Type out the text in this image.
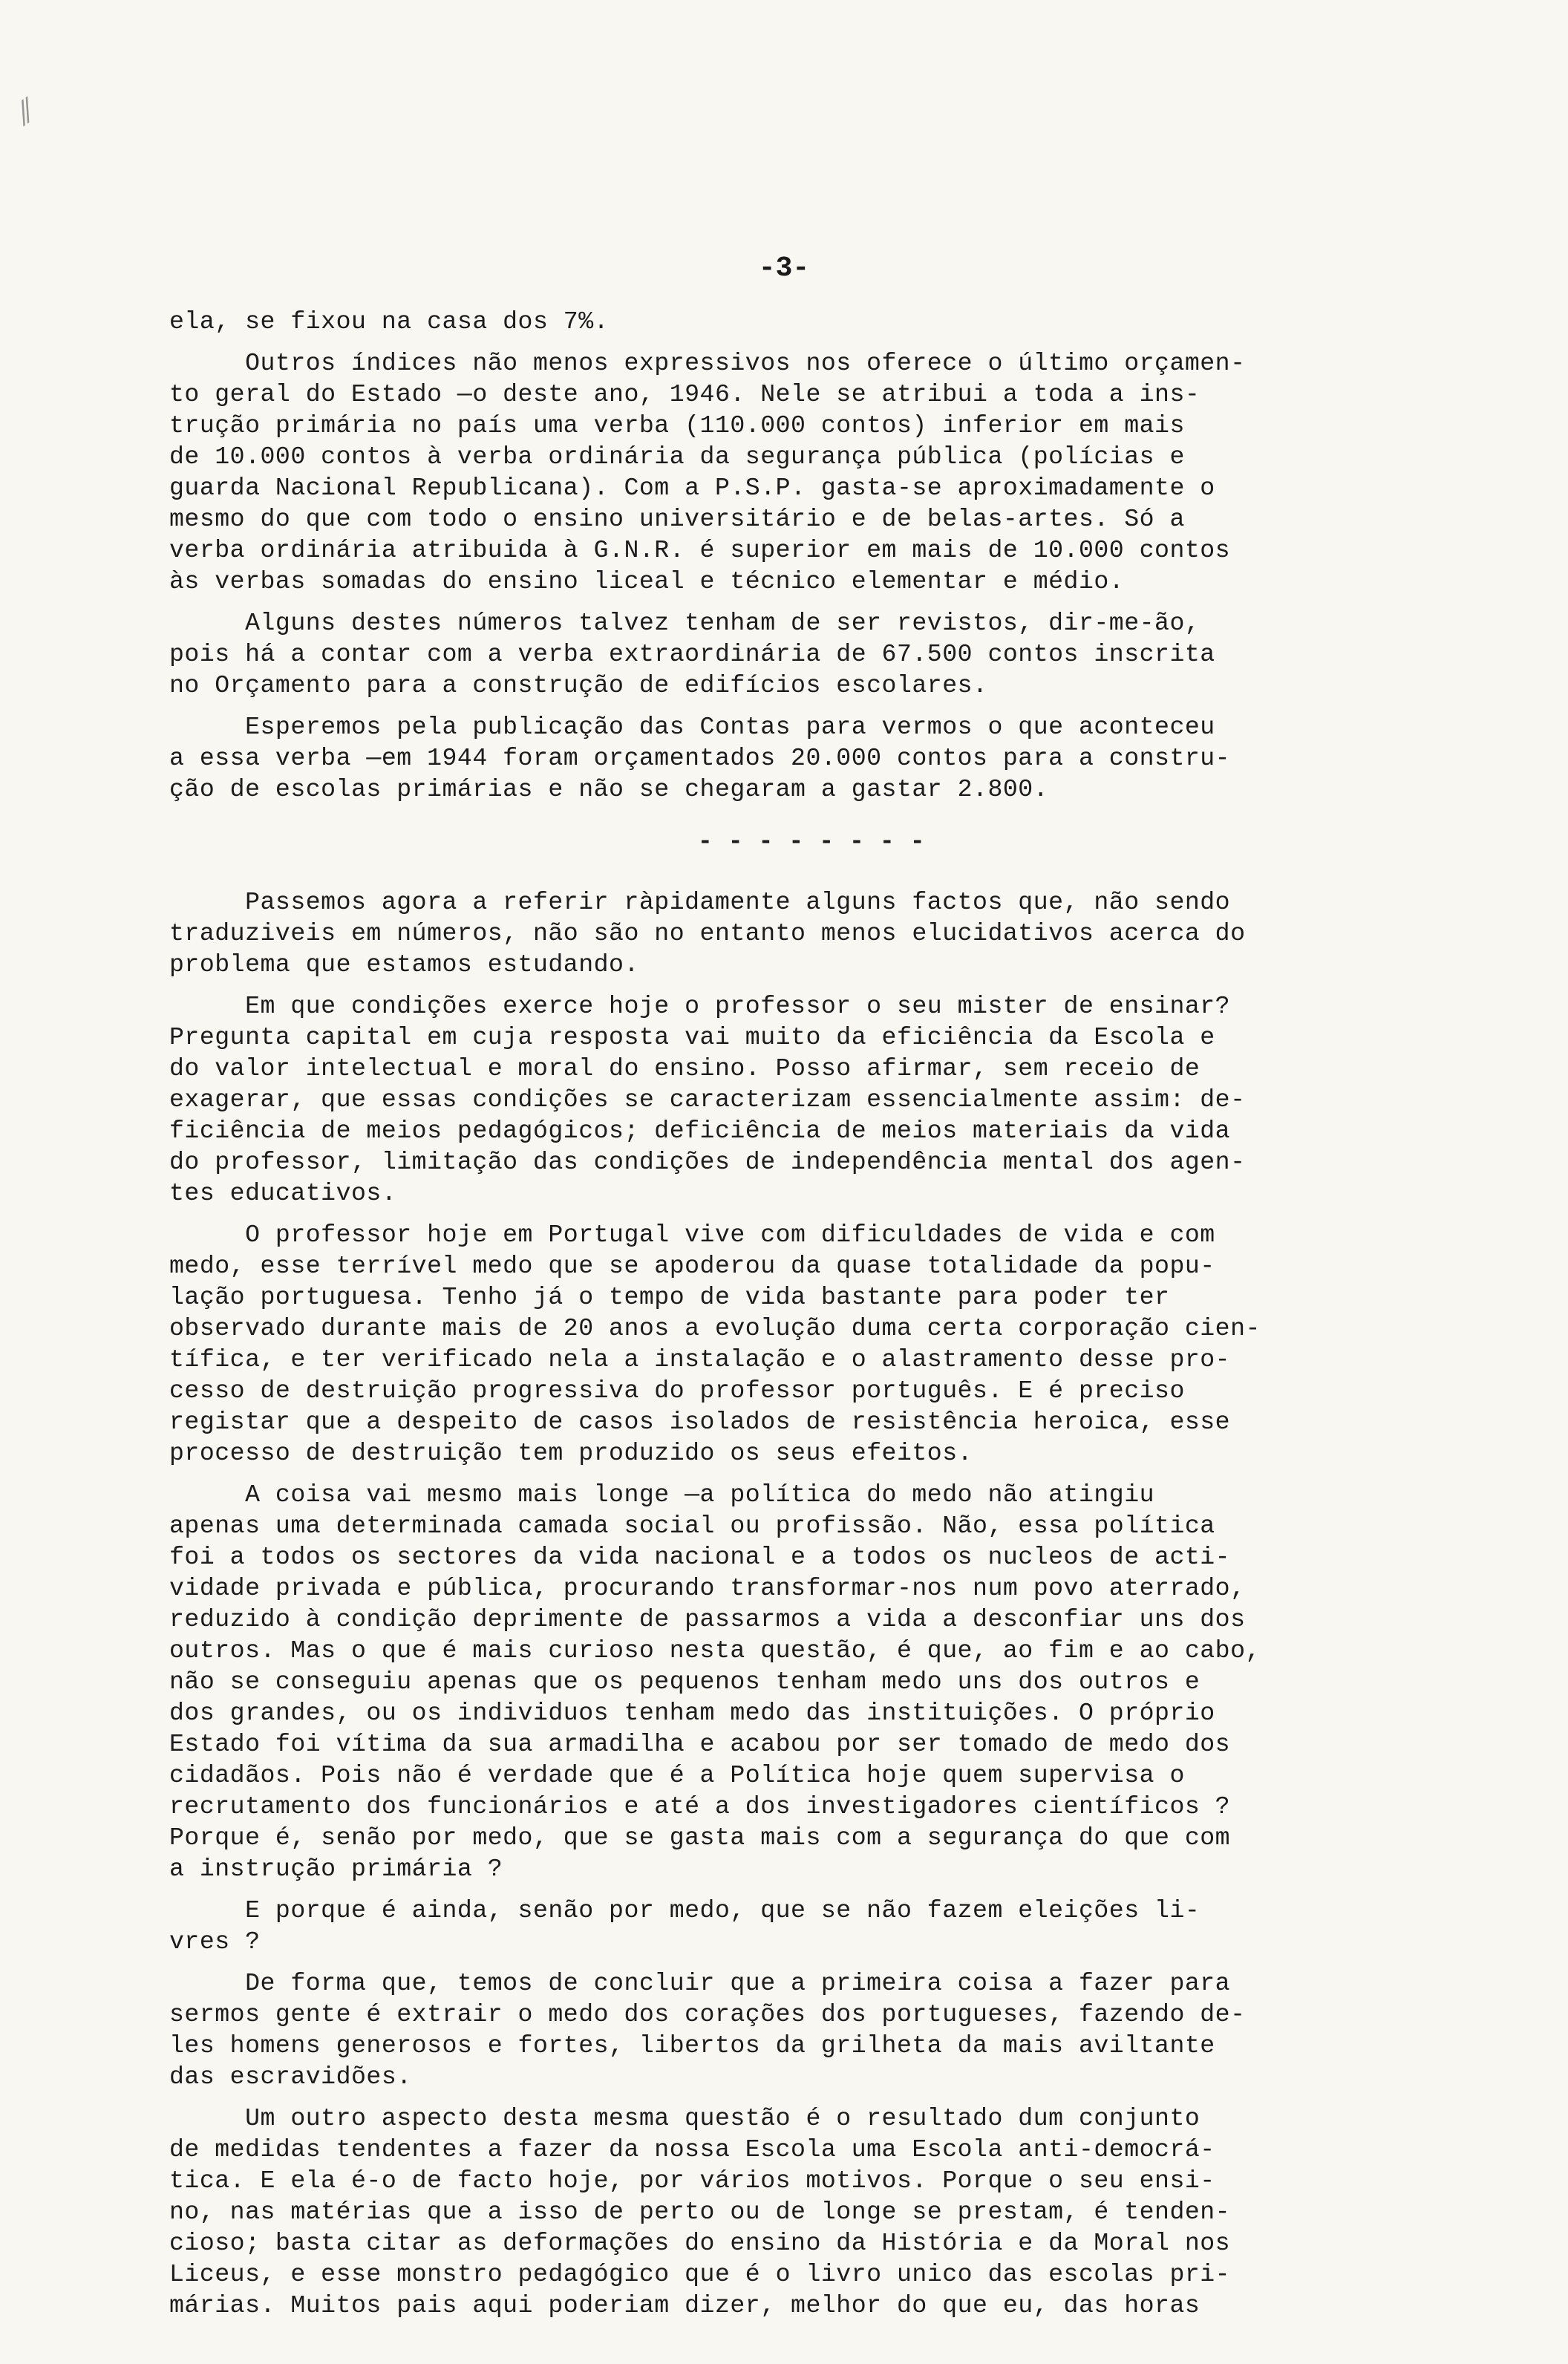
⁄⁄
-3-
ela, se fixou na casa dos 7%.
Outros índices não menos expressivos nos oferece o último orçamen-
to geral do Estado —o deste ano, 1946. Nele se atribui a toda a ins-
trução primária no país uma verba (110.000 contos) inferior em mais
de 10.000 contos à verba ordinária da segurança pública (polícias e
guarda Nacional Republicana). Com a P.S.P. gasta-se aproximadamente o
mesmo do que com todo o ensino universitário e de belas-artes. Só a
verba ordinária atribuida à G.N.R. é superior em mais de 10.000 contos
às verbas somadas do ensino liceal e técnico elementar e médio.
Alguns destes números talvez tenham de ser revistos, dir-me-ão,
pois há a contar com a verba extraordinária de 67.500 contos inscrita
no Orçamento para a construção de edifícios escolares.
Esperemos pela publicação das Contas para vermos o que aconteceu
a essa verba —em 1944 foram orçamentados 20.000 contos para a constru-
ção de escolas primárias e não se chegaram a gastar 2.800.
- - - - - - - -
Passemos agora a referir ràpidamente alguns factos que, não sendo
traduziveis em números, não são no entanto menos elucidativos acerca do
problema que estamos estudando.
Em que condições exerce hoje o professor o seu mister de ensinar?
Pregunta capital em cuja resposta vai muito da eficiência da Escola e
do valor intelectual e moral do ensino. Posso afirmar, sem receio de
exagerar, que essas condições se caracterizam essencialmente assim: de-
ficiência de meios pedagógicos; deficiência de meios materiais da vida
do professor, limitação das condições de independência mental dos agen-
tes educativos.
O professor hoje em Portugal vive com dificuldades de vida e com
medo, esse terrível medo que se apoderou da quase totalidade da popu-
lação portuguesa. Tenho já o tempo de vida bastante para poder ter
observado durante mais de 20 anos a evolução duma certa corporação cien-
tífica, e ter verificado nela a instalação e o alastramento desse pro-
cesso de destruição progressiva do professor português. E é preciso
registar que a despeito de casos isolados de resistência heroica, esse
processo de destruição tem produzido os seus efeitos.
A coisa vai mesmo mais longe —a política do medo não atingiu
apenas uma determinada camada social ou profissão. Não, essa política
foi a todos os sectores da vida nacional e a todos os nucleos de acti-
vidade privada e pública, procurando transformar-nos num povo aterrado,
reduzido à condição deprimente de passarmos a vida a desconfiar uns dos
outros. Mas o que é mais curioso nesta questão, é que, ao fim e ao cabo,
não se conseguiu apenas que os pequenos tenham medo uns dos outros e
dos grandes, ou os individuos tenham medo das instituições. O próprio
Estado foi vítima da sua armadilha e acabou por ser tomado de medo dos
cidadãos. Pois não é verdade que é a Política hoje quem supervisa o
recrutamento dos funcionários e até a dos investigadores científicos ?
Porque é, senão por medo, que se gasta mais com a segurança do que com
a instrução primária ?
E porque é ainda, senão por medo, que se não fazem eleições li-
vres ?
De forma que, temos de concluir que a primeira coisa a fazer para
sermos gente é extrair o medo dos corações dos portugueses, fazendo de-
les homens generosos e fortes, libertos da grilheta da mais aviltante
das escravidões.
Um outro aspecto desta mesma questão é o resultado dum conjunto
de medidas tendentes a fazer da nossa Escola uma Escola anti-democrá-
tica. E ela é-o de facto hoje, por vários motivos. Porque o seu ensi-
no, nas matérias que a isso de perto ou de longe se prestam, é tenden-
cioso; basta citar as deformações do ensino da História e da Moral nos
Liceus, e esse monstro pedagógico que é o livro unico das escolas pri-
márias. Muitos pais aqui poderiam dizer, melhor do que eu, das horas
